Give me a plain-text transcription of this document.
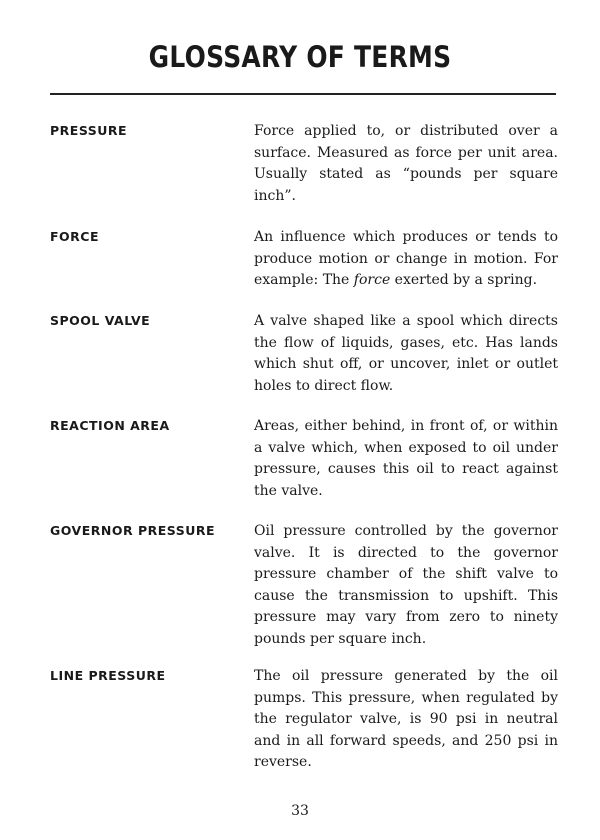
GLOSSARY OF TERMS
PRESSURE	Force applied to, or distributed over a surface. Measured as force per unit area. Usually stated as “pounds per square inch”.

FORCE	An influence which produces or tends to produce motion or change in motion. For example: The force exerted by a spring.

SPOOL VALVE	A valve shaped like a spool which directs the flow of liquids, gases, etc. Has lands which shut off, or uncover, inlet or outlet holes to direct flow.

REACTION AREA	Areas, either behind, in front of, or within a valve which, when exposed to oil under pressure, causes this oil to react against the valve.

GOVERNOR PRESSURE	Oil pressure controlled by the governor valve. It is directed to the governor pressure chamber of the shift valve to cause the transmission to upshift. This pressure may vary from zero to ninety pounds per square inch.

LINE PRESSURE	The oil pressure generated by the oil pumps. This pressure, when regulated by the regulator valve, is 90 psi in neutral and in all forward speeds, and 250 psi in reverse.

33
